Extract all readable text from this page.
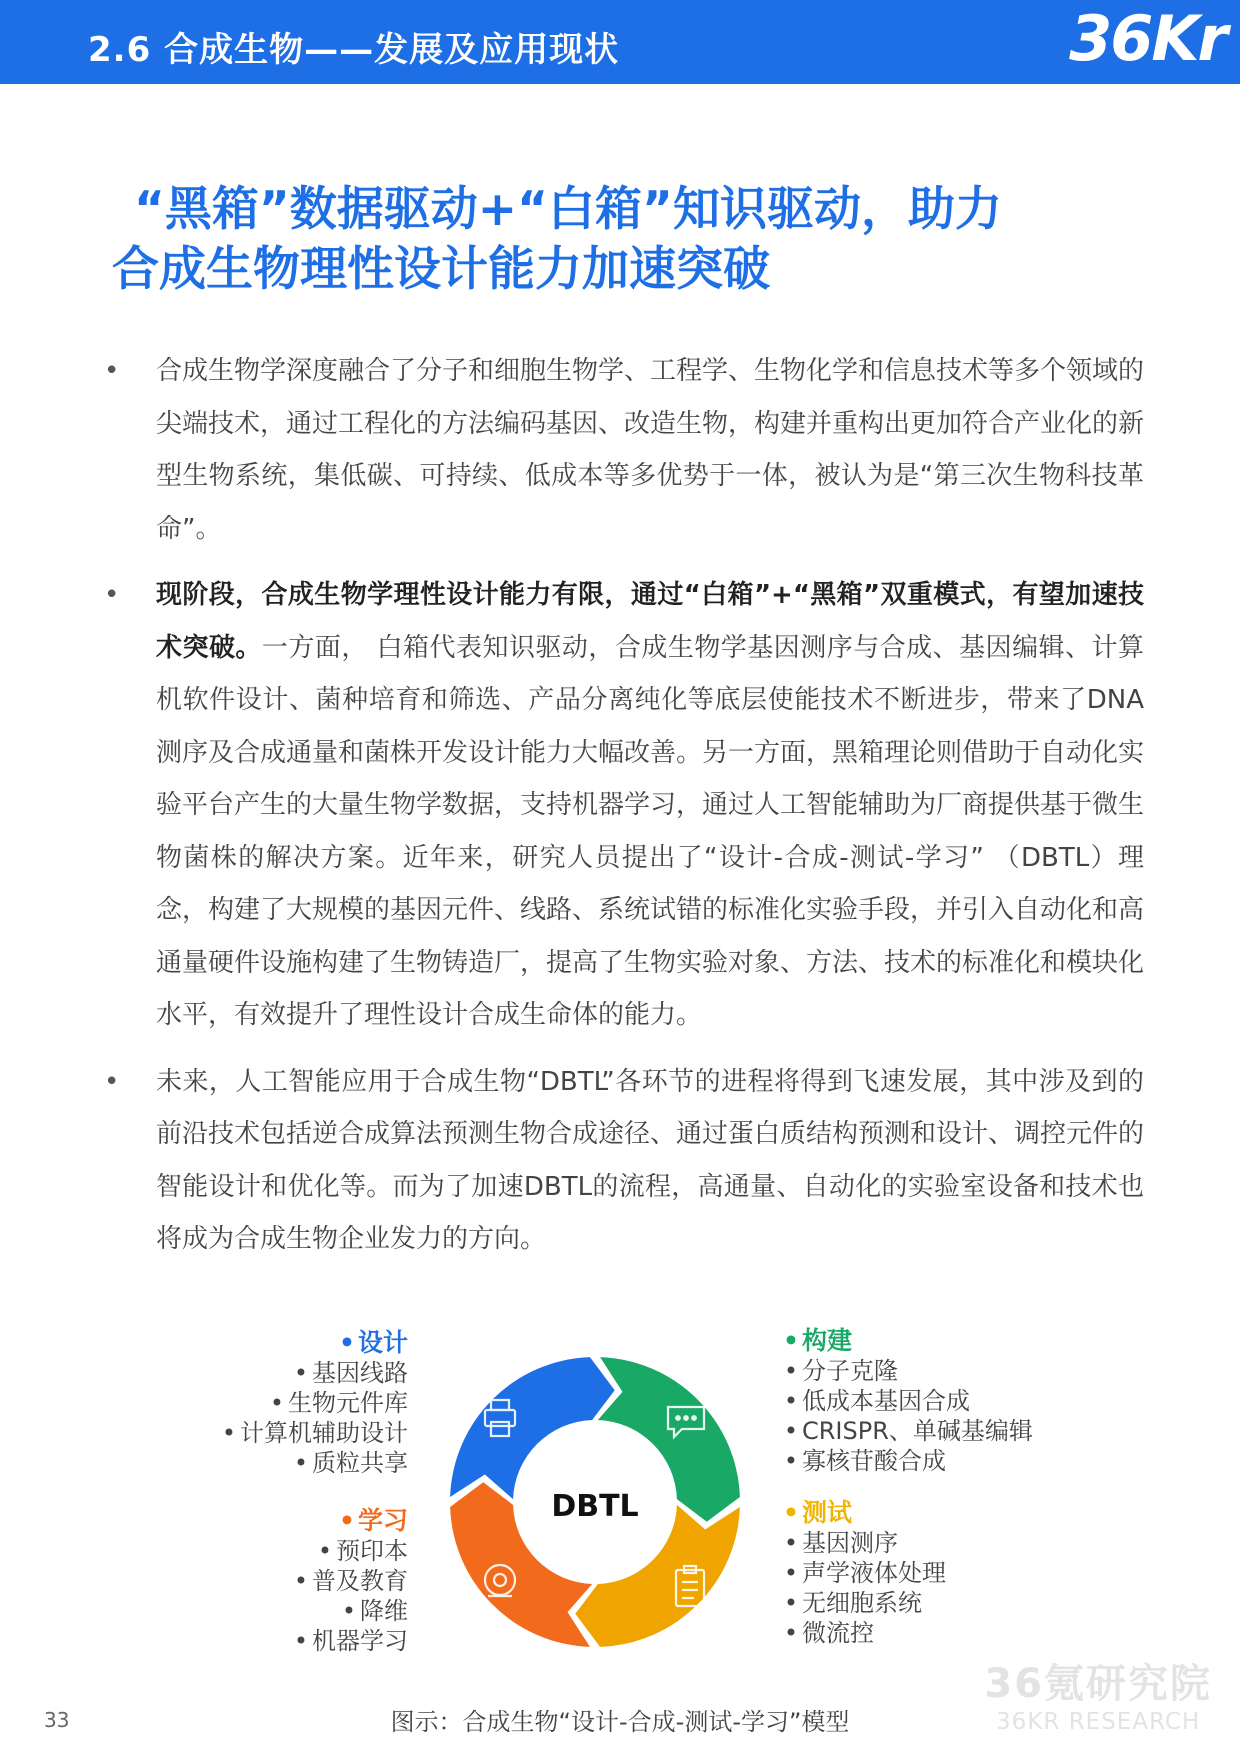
2.6 合成生物——发展及应用现状	36Kr
“黑箱”数据驱动+“白箱”知识驱动，助力
合成生物理性设计能力加速突破
• 合成生物学深度融合了分子和细胞生物学、工程学、生物化学和信息技术等多个领域的尖端技术，通过工程化的方法编码基因、改造生物，构建并重构出更加符合产业化的新型生物系统，集低碳、可持续、低成本等多优势于一体，被认为是“第三次生物科技革命”。
• 现阶段，合成生物学理性设计能力有限，通过“白箱”+“黑箱”双重模式，有望加速技术突破。一方面， 白箱代表知识驱动，合成生物学基因测序与合成、基因编辑、计算机软件设计、菌种培育和筛选、产品分离纯化等底层使能技术不断进步，带来了DNA测序及合成通量和菌株开发设计能力大幅改善。另一方面，黑箱理论则借助于自动化实验平台产生的大量生物学数据，支持机器学习，通过人工智能辅助为厂商提供基于微生物菌株的解决方案。近年来，研究人员提出了“设计-合成-测试-学习” （DBTL）理念，构建了大规模的基因元件、线路、系统试错的标准化实验手段，并引入自动化和高通量硬件设施构建了生物铸造厂，提高了生物实验对象、方法、技术的标准化和模块化水平，有效提升了理性设计合成生命体的能力。
• 未来，人工智能应用于合成生物“DBTL”各环节的进程将得到飞速发展，其中涉及到的前沿技术包括逆合成算法预测生物合成途径、通过蛋白质结构预测和设计、调控元件的智能设计和优化等。而为了加速DBTL的流程，高通量、自动化的实验室设备和技术也将成为合成生物企业发力的方向。
DBTL
• 设计
• 基因线路
• 生物元件库
• 计算机辅助设计
• 质粒共享
• 学习
• 预印本
• 普及教育
• 降维
• 机器学习
• 构建
• 分子克隆
• 低成本基因合成
• CRISPR、单碱基编辑
• 寡核苷酸合成
• 测试
• 基因测序
• 声学液体处理
• 无细胞系统
• 微流控
36氪研究院
36KR RESEARCH
图示：合成生物“设计-合成-测试-学习”模型
33
